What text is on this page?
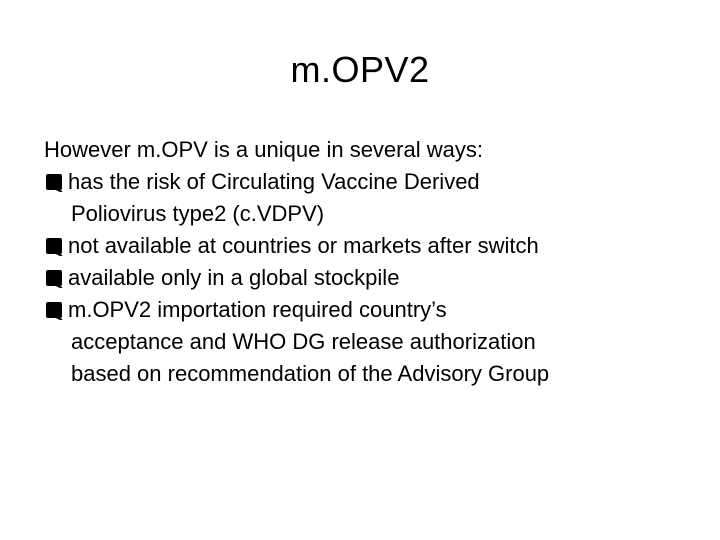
m.OPV2

However m.OPV is a unique in several ways:

has the risk of Circulating Vaccine Derived
Poliovirus type2 (c.VDPV)
not available at countries or markets after switch
available only in a global stockpile
m.OPV2 importation required country’s
acceptance and WHO DG release authorization
based on recommendation of the Advisory Group
